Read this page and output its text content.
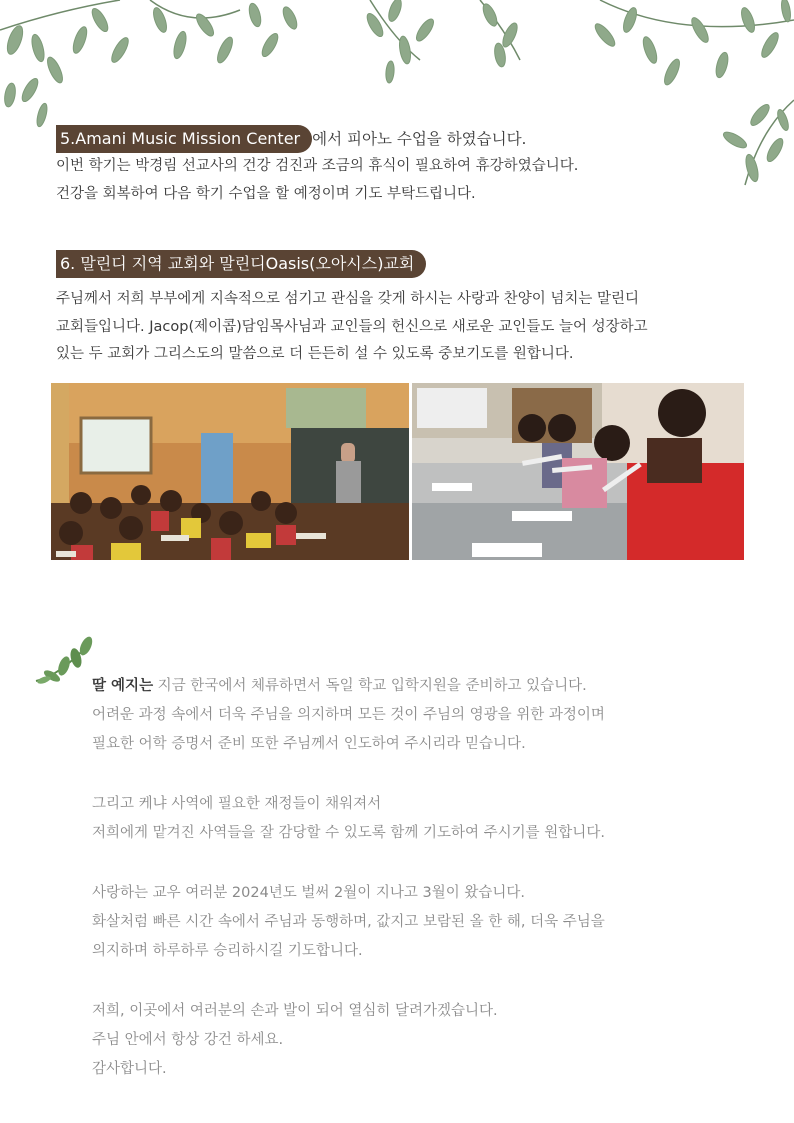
5.Amani Music Mission Center 에서 피아노 수업을 하였습니다.
이번 학기는 박경림 선교사의 건강 검진과 조금의 휴식이 필요하여 휴강하였습니다.
건강을 회복하여 다음 학기 수업을 할 예정이며 기도 부탁드립니다.
6. 말린디 지역 교회와 말린디Oasis(오아시스)교회
주님께서 저희 부부에게 지속적으로 섬기고 관심을 갖게 하시는 사랑과 찬양이 넘치는 말린디
교회들입니다. Jacop(제이콥)담임목사님과 교인들의 헌신으로 새로운 교인들도 늘어 성장하고
있는 두 교회가 그리스도의 말씀으로 더 든든히 설 수 있도록 중보기도를 원합니다.

딸 예지는 지금 한국에서 체류하면서 독일 학교 입학지원을 준비하고 있습니다.
어려운 과정 속에서 더욱 주님을 의지하며 모든 것이 주님의 영광을 위한 과정이며
필요한 어학 증명서 준비 또한 주님께서 인도하여 주시리라 믿습니다.

그리고 케냐 사역에 필요한 재정들이 채워져서
저희에게 맡겨진 사역들을 잘 감당할 수 있도록 함께 기도하여 주시기를 원합니다.

사랑하는 교우 여러분 2024년도 벌써 2월이 지나고 3월이 왔습니다.
화살처럼 빠른 시간 속에서 주님과 동행하며, 값지고 보람된 올 한 해, 더욱 주님을
의지하며 하루하루 승리하시길 기도합니다.

저희, 이곳에서 여러분의 손과 발이 되어 열심히 달려가겠습니다.
주님 안에서 항상 강건 하세요.
감사합니다.
